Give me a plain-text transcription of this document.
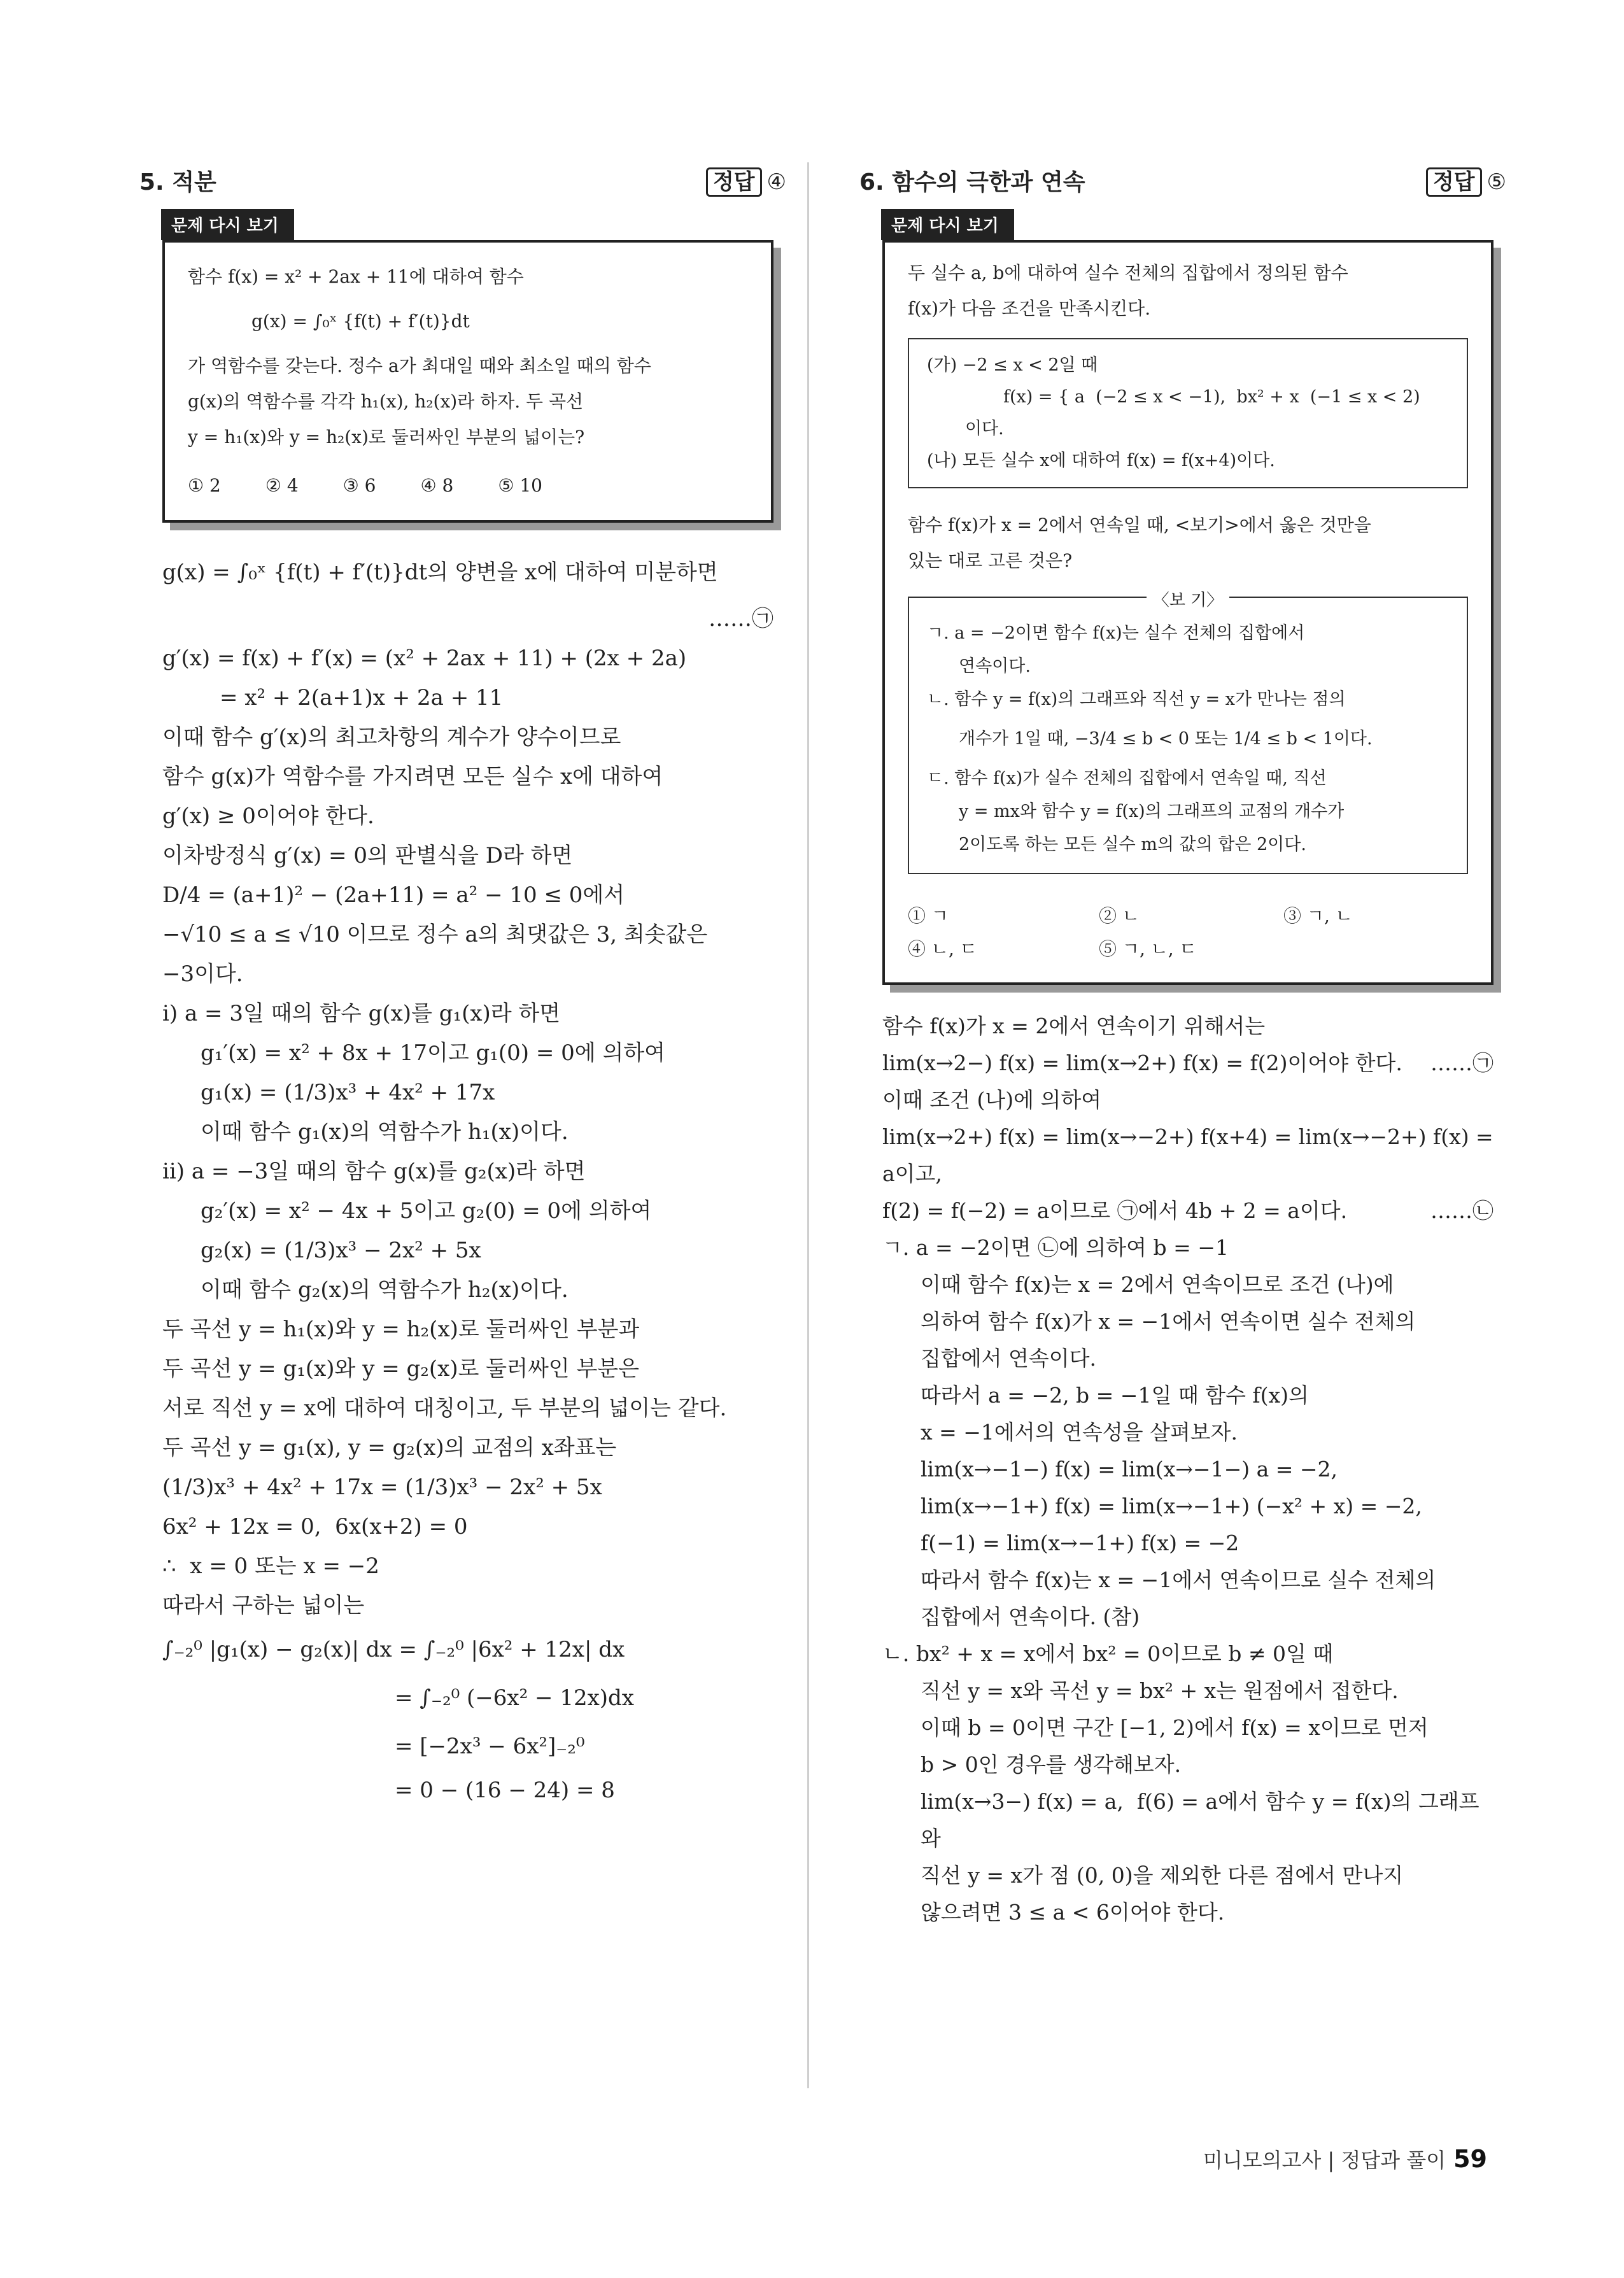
5. 적분	정답 ④
문제 다시 보기
함수 f(x) = x² + 2ax + 11에 대하여 함수
g(x) = ∫₀ˣ {f(t) + f′(t)}dt
가 역함수를 갖는다. 정수 a가 최대일 때와 최소일 때의 함수
g(x)의 역함수를 각각 h₁(x), h₂(x)라 하자. 두 곡선
y = h₁(x)와 y = h₂(x)로 둘러싸인 부분의 넓이는?
① 2	② 4	③ 6	④ 8	⑤ 10
g(x) = ∫₀ˣ {f(t) + f′(t)}dt의 양변을 x에 대하여 미분하면
……㉠
g′(x) = f(x) + f′(x) = (x² + 2ax + 11) + (2x + 2a)
= x² + 2(a+1)x + 2a + 11
이때 함수 g′(x)의 최고차항의 계수가 양수이므로
함수 g(x)가 역함수를 가지려면 모든 실수 x에 대하여
g′(x) ≥ 0이어야 한다.
이차방정식 g′(x) = 0의 판별식을 D라 하면
D/4 = (a+1)² − (2a+11) = a² − 10 ≤ 0에서
−√10 ≤ a ≤ √10 이므로 정수 a의 최댓값은 3, 최솟값은
−3이다.
ⅰ) a = 3일 때의 함수 g(x)를 g₁(x)라 하면
g₁′(x) = x² + 8x + 17이고 g₁(0) = 0에 의하여
g₁(x) = (1/3)x³ + 4x² + 17x
이때 함수 g₁(x)의 역함수가 h₁(x)이다.
ⅱ) a = −3일 때의 함수 g(x)를 g₂(x)라 하면
g₂′(x) = x² − 4x + 5이고 g₂(0) = 0에 의하여
g₂(x) = (1/3)x³ − 2x² + 5x
이때 함수 g₂(x)의 역함수가 h₂(x)이다.
두 곡선 y = h₁(x)와 y = h₂(x)로 둘러싸인 부분과
두 곡선 y = g₁(x)와 y = g₂(x)로 둘러싸인 부분은
서로 직선 y = x에 대하여 대칭이고, 두 부분의 넓이는 같다.
두 곡선 y = g₁(x), y = g₂(x)의 교점의 x좌표는
(1/3)x³ + 4x² + 17x = (1/3)x³ − 2x² + 5x
6x² + 12x = 0,  6x(x+2) = 0
∴  x = 0 또는 x = −2
따라서 구하는 넓이는
∫₋₂⁰ |g₁(x) − g₂(x)| dx = ∫₋₂⁰ |6x² + 12x| dx
= ∫₋₂⁰ (−6x² − 12x)dx
= [−2x³ − 6x²]₋₂⁰
= 0 − (16 − 24) = 8
6. 함수의 극한과 연속	정답 ⑤
문제 다시 보기
두 실수 a, b에 대하여 실수 전체의 집합에서 정의된 함수
f(x)가 다음 조건을 만족시킨다.
(가) −2 ≤ x < 2일 때
f(x) = { a  (−2 ≤ x < −1),  bx² + x  (−1 ≤ x < 2)
이다.
(나) 모든 실수 x에 대하여 f(x) = f(x+4)이다.
함수 f(x)가 x = 2에서 연속일 때, <보기>에서 옳은 것만을
있는 대로 고른 것은?
〈보 기〉
ㄱ. a = −2이면 함수 f(x)는 실수 전체의 집합에서
연속이다.
ㄴ. 함수 y = f(x)의 그래프와 직선 y = x가 만나는 점의
개수가 1일 때, −3/4 ≤ b < 0 또는 1/4 ≤ b < 1이다.
ㄷ. 함수 f(x)가 실수 전체의 집합에서 연속일 때, 직선
y = mx와 함수 y = f(x)의 그래프의 교점의 개수가
2이도록 하는 모든 실수 m의 값의 합은 2이다.
① ㄱ	② ㄴ	③ ㄱ, ㄴ
④ ㄴ, ㄷ	⑤ ㄱ, ㄴ, ㄷ
함수 f(x)가 x = 2에서 연속이기 위해서는
lim(x→2−) f(x) = lim(x→2+) f(x) = f(2)이어야 한다. ……㉠
이때 조건 (나)에 의하여
lim(x→2+) f(x) = lim(x→−2+) f(x+4) = lim(x→−2+) f(x) = a이고,
f(2) = f(−2) = a이므로 ㉠에서 4b + 2 = a이다.	……㉡
ㄱ. a = −2이면 ㉡에 의하여 b = −1
이때 함수 f(x)는 x = 2에서 연속이므로 조건 (나)에
의하여 함수 f(x)가 x = −1에서 연속이면 실수 전체의
집합에서 연속이다.
따라서 a = −2, b = −1일 때 함수 f(x)의
x = −1에서의 연속성을 살펴보자.
lim(x→−1−) f(x) = lim(x→−1−) a = −2,
lim(x→−1+) f(x) = lim(x→−1+) (−x² + x) = −2,
f(−1) = lim(x→−1+) f(x) = −2
따라서 함수 f(x)는 x = −1에서 연속이므로 실수 전체의
집합에서 연속이다. (참)
ㄴ. bx² + x = x에서 bx² = 0이므로 b ≠ 0일 때
직선 y = x와 곡선 y = bx² + x는 원점에서 접한다.
이때 b = 0이면 구간 [−1, 2)에서 f(x) = x이므로 먼저
b > 0인 경우를 생각해보자.
lim(x→3−) f(x) = a,  f(6) = a에서 함수 y = f(x)의 그래프와
직선 y = x가 점 (0, 0)을 제외한 다른 점에서 만나지
않으려면 3 ≤ a < 6이어야 한다.
미니모의고사 | 정답과 풀이 59
